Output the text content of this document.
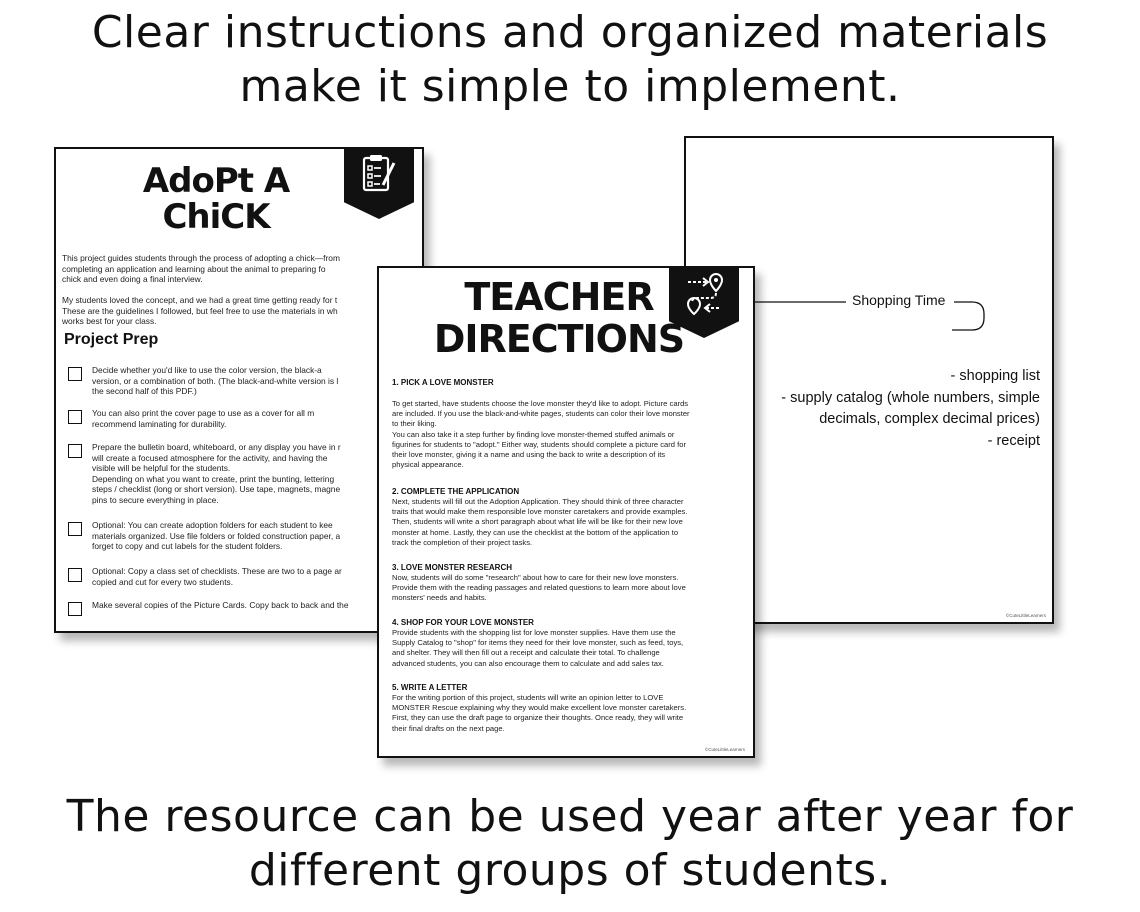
Clear instructions and organized materials
make it simple to implement.
Shopping Time
- shopping list
- supply catalog (whole numbers, simple
decimals, complex decimal prices)
- receipt
©CuteLittleLearners
AdoPt A
ChiCK
This project guides students through the process of adopting a chick—from
completing an application and learning about the animal to preparing fo
chick and even doing a final interview.
My students loved the concept, and we had a great time getting ready for t
These are the guidelines I followed, but feel free to use the materials in wh
works best for your class.
Project Prep
Decide whether you'd like to use the color version, the black-a
version, or a combination of both. (The black-and-white version is l
the second half of this PDF.)
You can also print the cover page to use as a cover for all m
recommend laminating for durability.
Prepare the bulletin board, whiteboard, or any display you have in r
will create a focused atmosphere for the activity, and having the
visible will be helpful for the students.
Depending on what you want to create, print the bunting, lettering
steps / checklist (long or short version). Use tape, magnets, magne
pins to secure everything in place.
Optional: You can create adoption folders for each student to kee
materials organized. Use file folders or folded construction paper, a
forget to copy and cut labels for the student folders.
Optional: Copy a class set of checklists. These are two to a page ar
copied and cut for every two students.
Make several copies of the Picture Cards. Copy back to back and the
TEACHER
DIRECTIONS
1. PICK A LOVE MONSTER
To get started, have students choose the love monster they'd like to adopt. Picture cards
are included. If you use the black-and-white pages, students can color their love monster
to their liking.
You can also take it a step further by finding love monster-themed stuffed animals or
figurines for students to "adopt." Either way, students should complete a picture card for
their love monster, giving it a name and using the back to write a description of its
physical appearance.
2. COMPLETE THE APPLICATION
Next, students will fill out the Adoption Application. They should think of three character
traits that would make them responsible love monster caretakers and provide examples.
Then, students will write a short paragraph about what life will be like for their new love
monster at home. Lastly, they can use the checklist at the bottom of the application to
track the completion of their project tasks.
3. LOVE MONSTER RESEARCH
Now, students will do some "research" about how to care for their new love monsters.
Provide them with the reading passages and related questions to learn more about love
monsters' needs and habits.
4. SHOP FOR YOUR LOVE MONSTER
Provide students with the shopping list for love monster supplies. Have them use the
Supply Catalog to "shop" for items they need for their love monster, such as feed, toys,
and shelter. They will then fill out a receipt and calculate their total. To challenge
advanced students, you can also encourage them to calculate and add sales tax.
5. WRITE A LETTER
For the writing portion of this project, students will write an opinion letter to LOVE
MONSTER Rescue explaining why they would make excellent love monster caretakers.
First, they can use the draft page to organize their thoughts. Once ready, they will write
their final drafts on the next page.
©CuteLittleLearners
The resource can be used year after year for
different groups of students.
